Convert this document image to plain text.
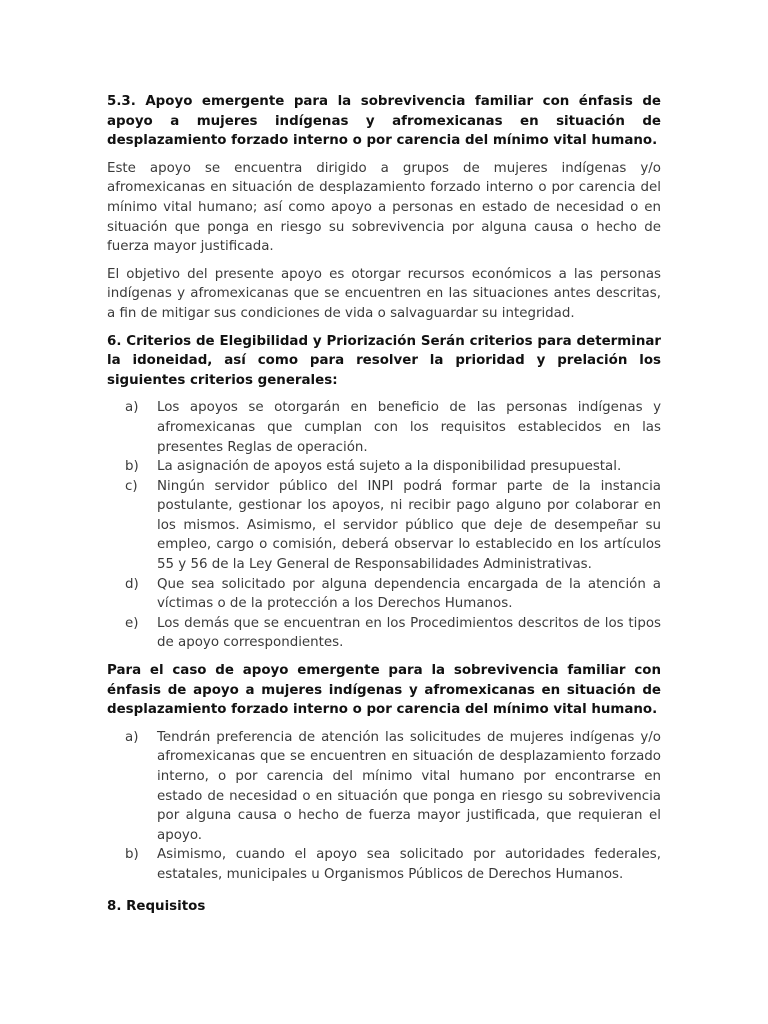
5.3. Apoyo emergente para la sobrevivencia familiar con énfasis de apoyo a mujeres indígenas y afromexicanas en situación de desplazamiento forzado interno o por carencia del mínimo vital humano.

Este apoyo se encuentra dirigido a grupos de mujeres indígenas y/o afromexicanas en situación de desplazamiento forzado interno o por carencia del mínimo vital humano; así como apoyo a personas en estado de necesidad o en situación que ponga en riesgo su sobrevivencia por alguna causa o hecho de fuerza mayor justificada.

El objetivo del presente apoyo es otorgar recursos económicos a las personas indígenas y afromexicanas que se encuentren en las situaciones antes descritas, a fin de mitigar sus condiciones de vida o salvaguardar su integridad.

6. Criterios de Elegibilidad y Priorización Serán criterios para determinar la idoneidad, así como para resolver la prioridad y prelación los siguientes criterios generales:

a) Los apoyos se otorgarán en beneficio de las personas indígenas y afromexicanas que cumplan con los requisitos establecidos en las presentes Reglas de operación.
b) La asignación de apoyos está sujeto a la disponibilidad presupuestal.
c) Ningún servidor público del INPI podrá formar parte de la instancia postulante, gestionar los apoyos, ni recibir pago alguno por colaborar en los mismos. Asimismo, el servidor público que deje de desempeñar su empleo, cargo o comisión, deberá observar lo establecido en los artículos 55 y 56 de la Ley General de Responsabilidades Administrativas.
d) Que sea solicitado por alguna dependencia encargada de la atención a víctimas o de la protección a los Derechos Humanos.
e) Los demás que se encuentran en los Procedimientos descritos de los tipos de apoyo correspondientes.

Para el caso de apoyo emergente para la sobrevivencia familiar con énfasis de apoyo a mujeres indígenas y afromexicanas en situación de desplazamiento forzado interno o por carencia del mínimo vital humano.

a) Tendrán preferencia de atención las solicitudes de mujeres indígenas y/o afromexicanas que se encuentren en situación de desplazamiento forzado interno, o por carencia del mínimo vital humano por encontrarse en estado de necesidad o en situación que ponga en riesgo su sobrevivencia por alguna causa o hecho de fuerza mayor justificada, que requieran el apoyo.
b) Asimismo, cuando el apoyo sea solicitado por autoridades federales, estatales, municipales u Organismos Públicos de Derechos Humanos.

8. Requisitos
